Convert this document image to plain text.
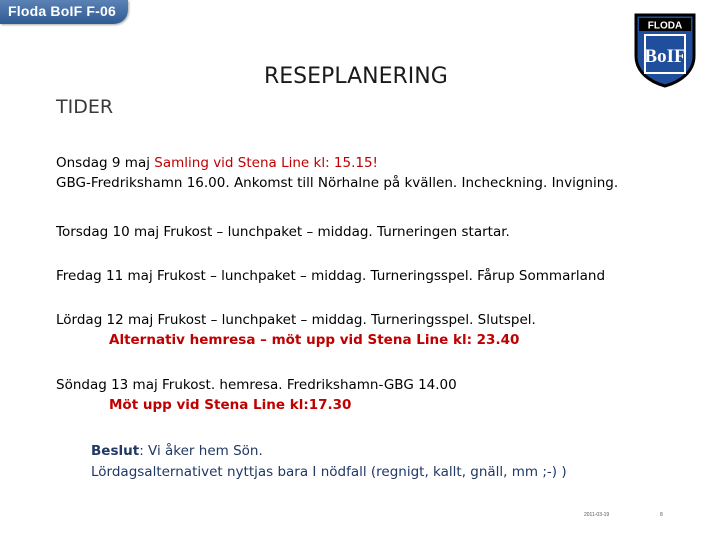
Floda BoIF F-06
FLODA
BoIF
RESEPLANERING
TIDER
Onsdag 9 maj Samling vid Stena Line kl: 15.15!
GBG-Fredrikshamn 16.00. Ankomst till Nörhalne på kvällen. Incheckning. Invigning.
Torsdag 10 maj Frukost – lunchpaket – middag. Turneringen startar.
Fredag 11 maj Frukost – lunchpaket – middag. Turneringsspel. Fårup Sommarland
Lördag 12 maj Frukost – lunchpaket – middag. Turneringsspel. Slutspel.
Alternativ hemresa – möt upp vid Stena Line kl: 23.40
Söndag 13 maj Frukost. hemresa. Fredrikshamn-GBG 14.00
Möt upp vid Stena Line kl:17.30
Beslut: Vi åker hem Sön.
Lördagsalternativet nyttjas bara I nödfall (regnigt, kallt, gnäll, mm ;-) )
2011-03-19	8
